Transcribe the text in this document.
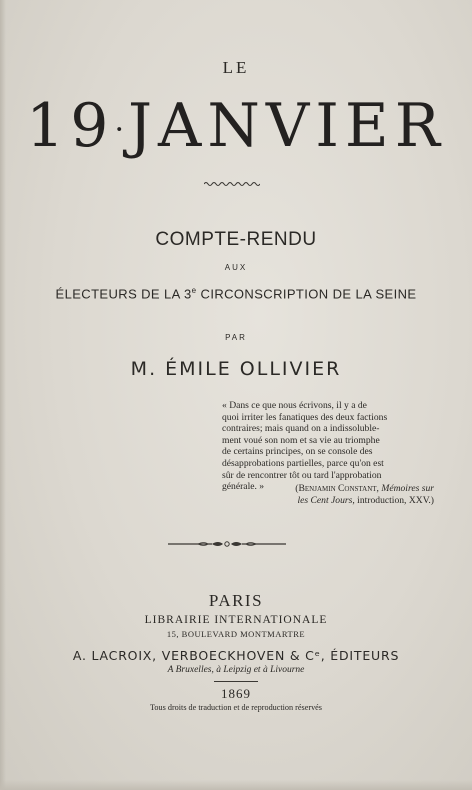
LE
19·JANVIER
COMPTE-RENDU
AUX
ÉLECTEURS DE LA 3e CIRCONSCRIPTION DE LA SEINE
PAR
M. ÉMILE OLLIVIER
« Dans ce que nous écrivons, il y a de
quoi irriter les fanatiques des deux factions
contraires; mais quand on a indissoluble-
ment voué son nom et sa vie au triomphe
de certains principes, on se console des
désapprobations partielles, parce qu'on est
sûr de rencontrer tôt ou tard l'approbation
générale. »	(Benjamin Constant, Mémoires sur
les Cent Jours, introduction, XXV.)
PARIS
LIBRAIRIE INTERNATIONALE
15, BOULEVARD MONTMARTRE
A. LACROIX, VERBOECKHOVEN & Cᵉ, ÉDITEURS
A Bruxelles, à Leipzig et à Livourne
1869
Tous droits de traduction et de reproduction réservés
